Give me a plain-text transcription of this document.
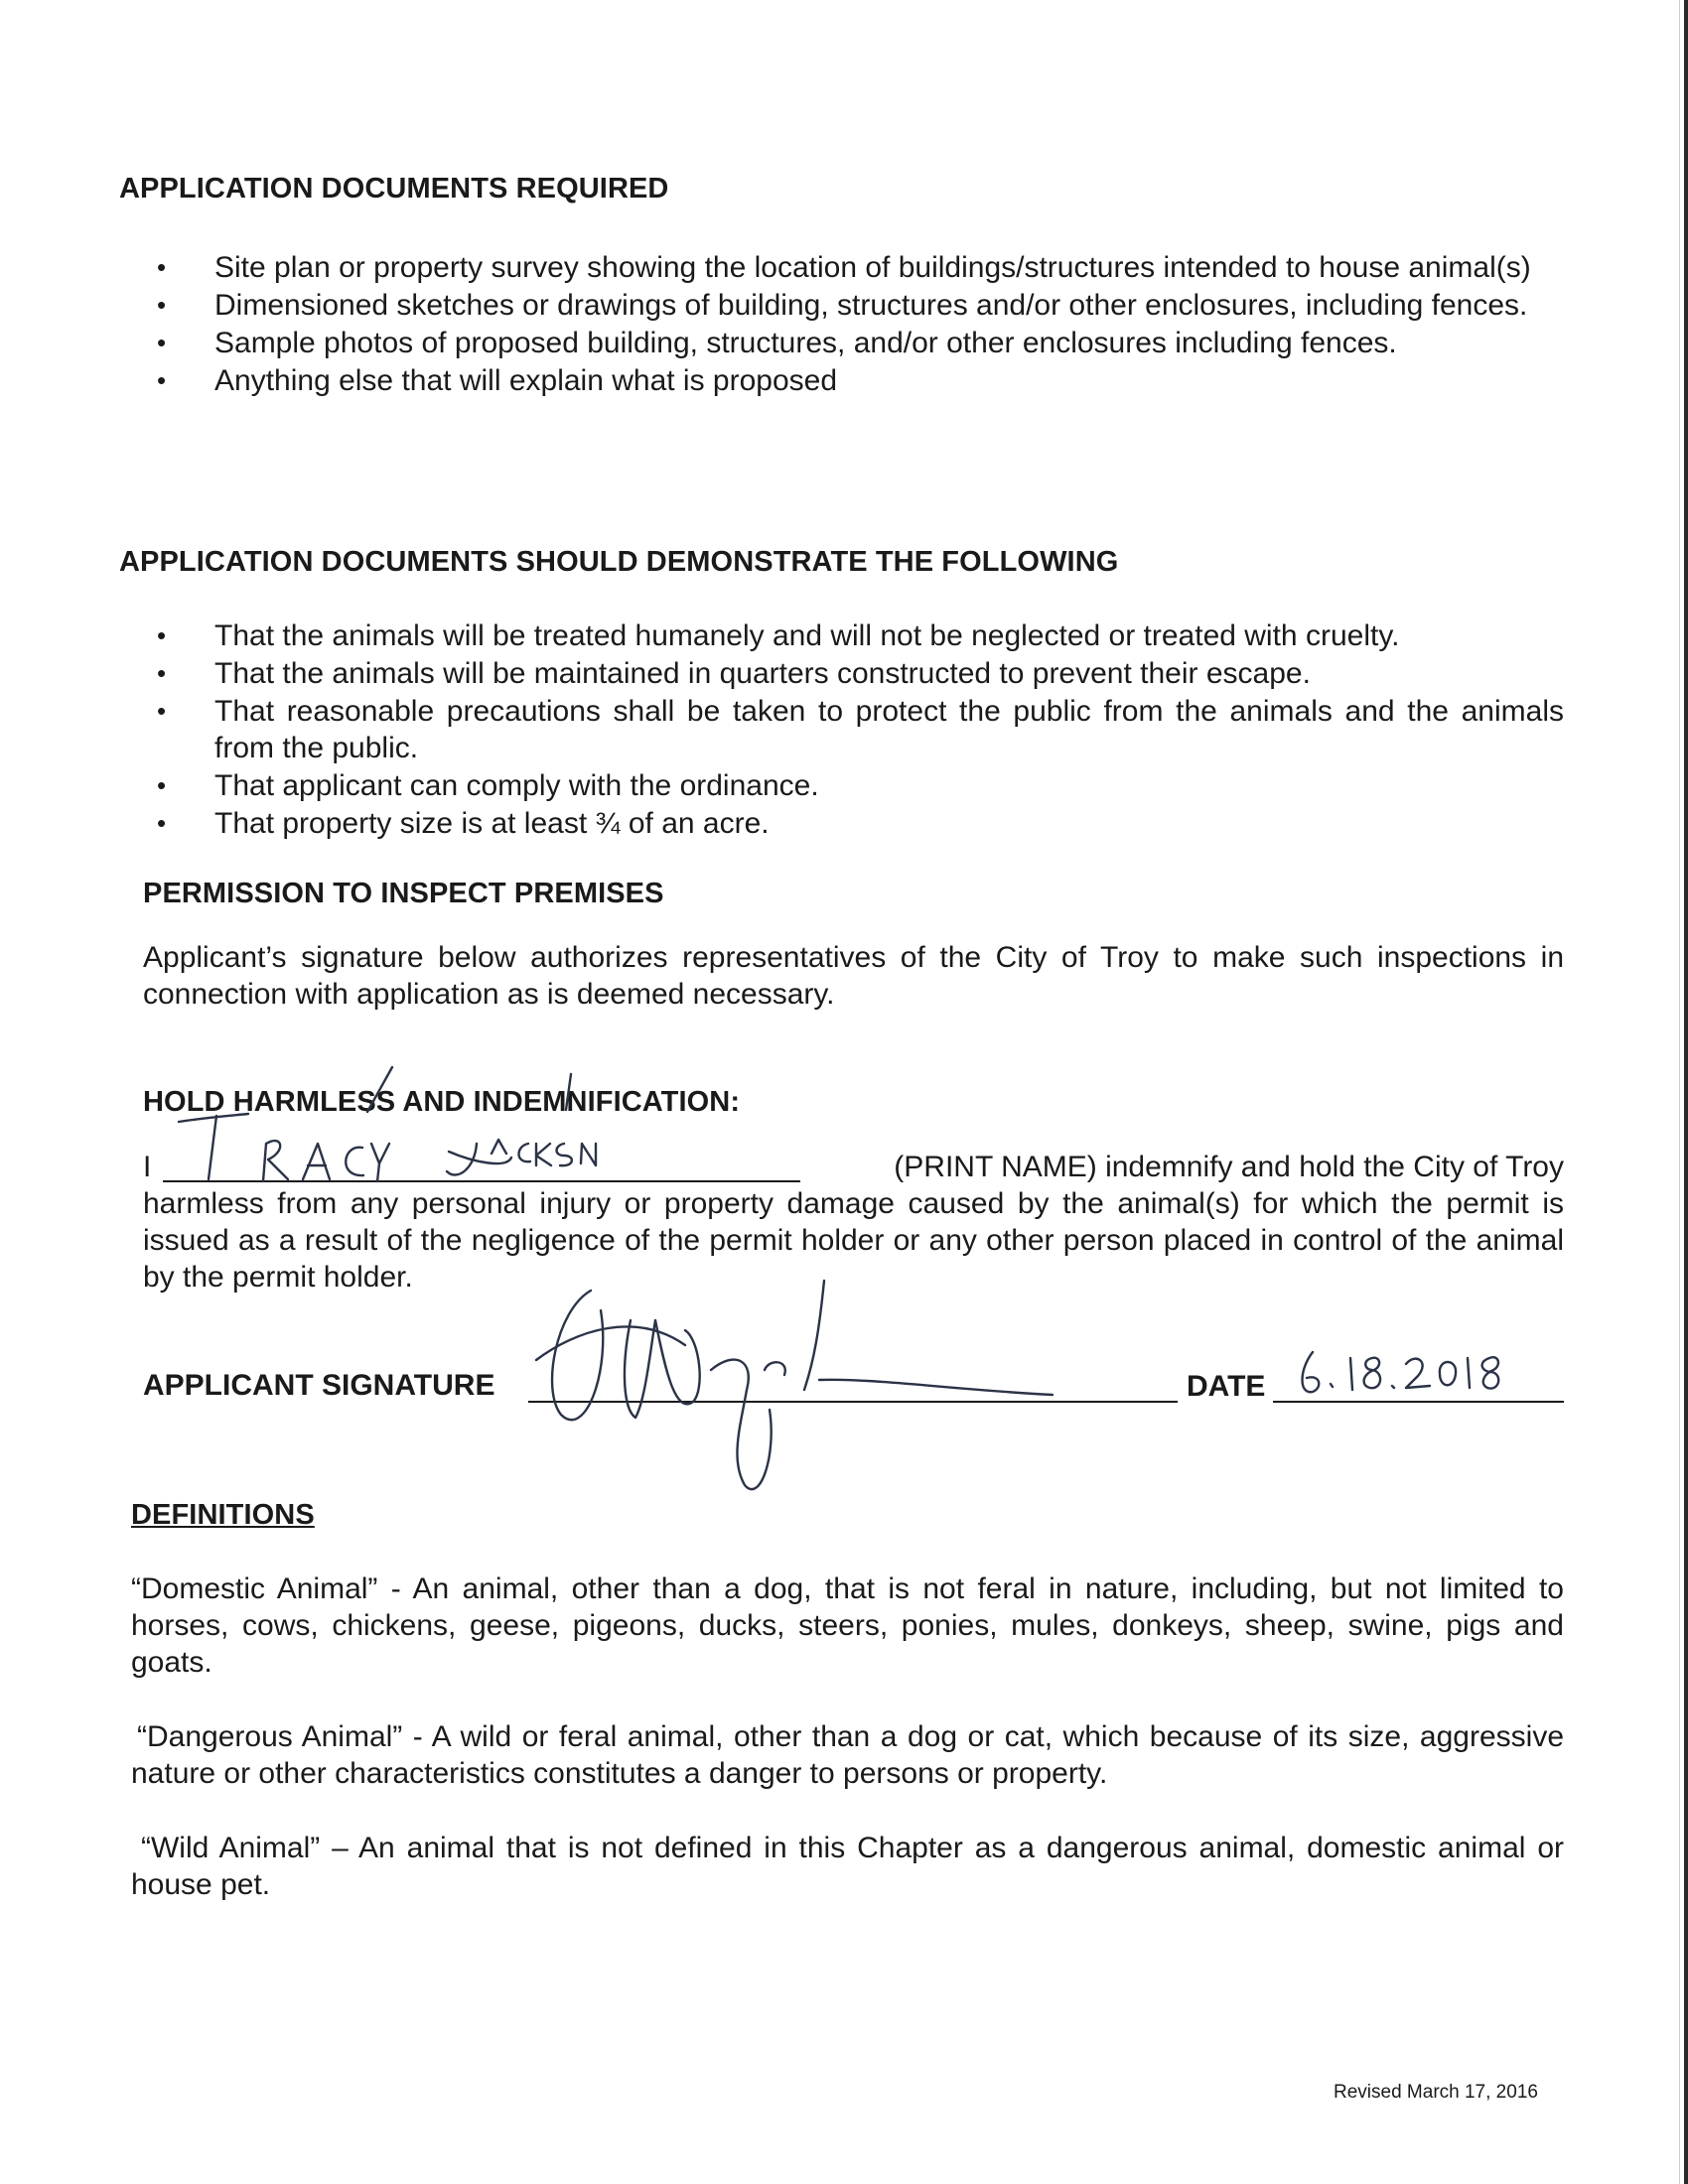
APPLICATION DOCUMENTS REQUIRED
• Site plan or property survey showing the location of buildings/structures intended to house animal(s)
• Dimensioned sketches or drawings of building, structures and/or other enclosures, including fences.
• Sample photos of proposed building, structures, and/or other enclosures including fences.
• Anything else that will explain what is proposed
APPLICATION DOCUMENTS SHOULD DEMONSTRATE THE FOLLOWING
• That the animals will be treated humanely and will not be neglected or treated with cruelty.
• That the animals will be maintained in quarters constructed to prevent their escape.
• That reasonable precautions shall be taken to protect the public from the animals and the animals from the public.
• That applicant can comply with the ordinance.
• That property size is at least ¾ of an acre.
PERMISSION TO INSPECT PREMISES
Applicant’s signature below authorizes representatives of the City of Troy to make such inspections in connection with application as is deemed necessary.
HOLD HARMLESS AND INDEMNIFICATION:
I	(PRINT NAME) indemnify and hold the City of Troy
harmless from any personal injury or property damage caused by the animal(s) for which the permit is issued as a result of the negligence of the permit holder or any other person placed in control of the animal by the permit holder.
APPLICANT SIGNATURE	DATE
DEFINITIONS
“Domestic Animal” - An animal, other than a dog, that is not feral in nature, including, but not limited to horses, cows, chickens, geese, pigeons, ducks, steers, ponies, mules, donkeys, sheep, swine, pigs and goats.
“Dangerous Animal” - A wild or feral animal, other than a dog or cat, which because of its size, aggressive nature or other characteristics constitutes a danger to persons or property.
“Wild Animal” – An animal that is not defined in this Chapter as a dangerous animal, domestic animal or house pet.
Revised March 17, 2016
